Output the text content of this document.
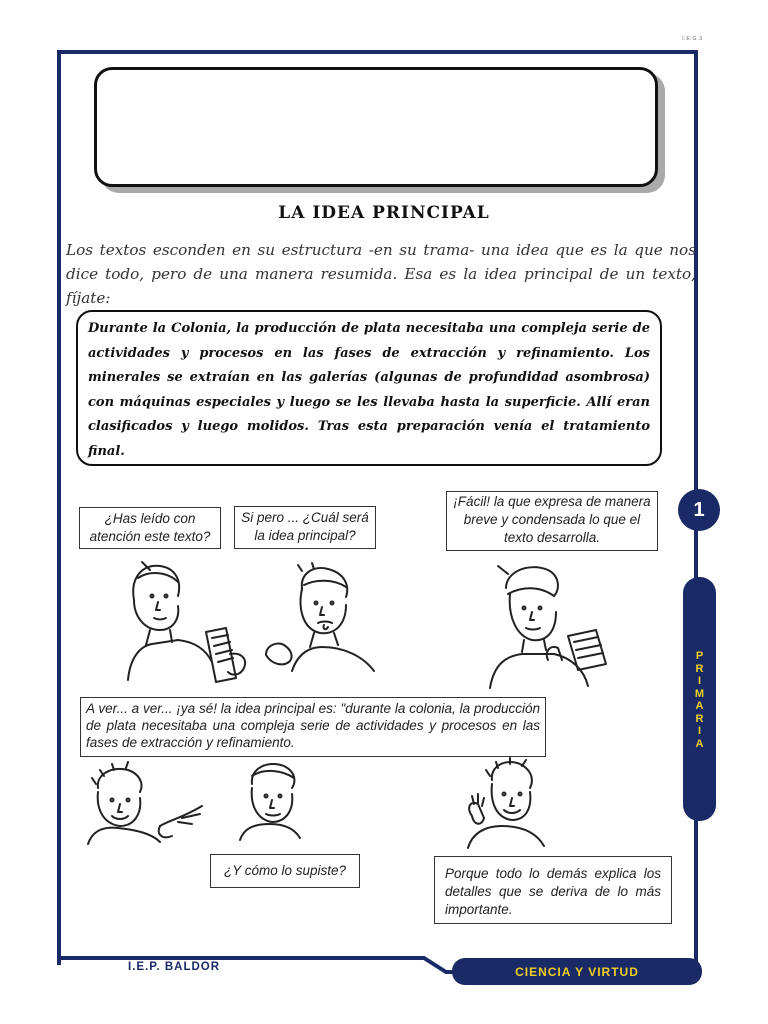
I. E. G. 3
LA IDEA PRINCIPAL
Los textos esconden en su estructura -en su trama- una idea que es la que nos dice todo, pero de una manera resumida. Esa es la idea principal de un texto, fíjate:

Durante la Colonia, la producción de plata necesitaba una compleja serie de actividades y procesos en las fases de extracción y refinamiento. Los minerales se extraían en las galerías (algunas de profundidad asombrosa) con máquinas especiales y luego se les llevaba hasta la superficie. Allí eran clasificados y luego molidos. Tras esta preparación venía el tratamiento final.

¿Has leído con atención este texto?
Si pero ... ¿Cuál será la idea principal?
¡Fácil! la que expresa de manera breve y condensada lo que el texto desarrolla.
A ver... a ver... ¡ya sé! la idea principal es: "durante la colonia, la producción de plata necesitaba una compleja serie de actividades y procesos en las fases de extracción y refinamiento.
¿Y cómo lo supiste?	Porque todo lo demás explica los detalles que se deriva de lo más importante.
1
P
R
I
M
A
R
I
A
I.E.P. BALDOR	CIENCIA Y VIRTUD
